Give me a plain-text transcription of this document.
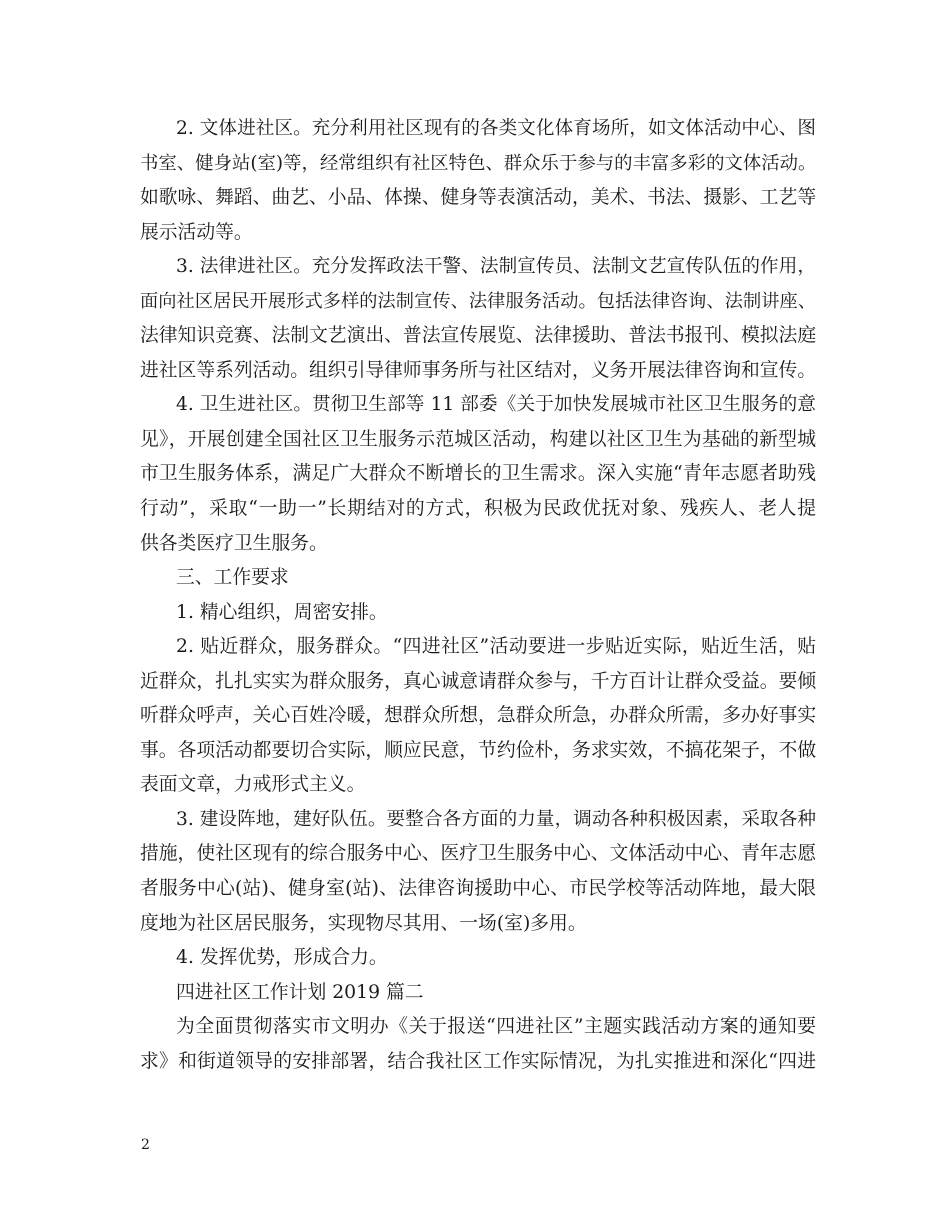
2. 文体进社区。充分利用社区现有的各类文化体育场所，如文体活动中心、图
书室、健身站(室)等，经常组织有社区特色、群众乐于参与的丰富多彩的文体活动。
如歌咏、舞蹈、曲艺、小品、体操、健身等表演活动，美术、书法、摄影、工艺等
展示活动等。
3. 法律进社区。充分发挥政法干警、法制宣传员、法制文艺宣传队伍的作用，
面向社区居民开展形式多样的法制宣传、法律服务活动。包括法律咨询、法制讲座、
法律知识竞赛、法制文艺演出、普法宣传展览、法律援助、普法书报刊、模拟法庭
进社区等系列活动。组织引导律师事务所与社区结对，义务开展法律咨询和宣传。
4. 卫生进社区。贯彻卫生部等 11 部委《关于加快发展城市社区卫生服务的意
见》，开展创建全国社区卫生服务示范城区活动，构建以社区卫生为基础的新型城
市卫生服务体系，满足广大群众不断增长的卫生需求。深入实施“青年志愿者助残
行动”，采取“一助一”长期结对的方式，积极为民政优抚对象、残疾人、老人提
供各类医疗卫生服务。
三、工作要求
1. 精心组织，周密安排。
2. 贴近群众，服务群众。“四进社区”活动要进一步贴近实际，贴近生活，贴
近群众，扎扎实实为群众服务，真心诚意请群众参与，千方百计让群众受益。要倾
听群众呼声，关心百姓冷暖，想群众所想，急群众所急，办群众所需，多办好事实
事。各项活动都要切合实际，顺应民意，节约俭朴，务求实效，不搞花架子，不做
表面文章，力戒形式主义。
3. 建设阵地，建好队伍。要整合各方面的力量，调动各种积极因素，采取各种
措施，使社区现有的综合服务中心、医疗卫生服务中心、文体活动中心、青年志愿
者服务中心(站)、健身室(站)、法律咨询援助中心、市民学校等活动阵地，最大限
度地为社区居民服务，实现物尽其用、一场(室)多用。
4. 发挥优势，形成合力。
四进社区工作计划 2019 篇二
为全面贯彻落实市文明办《关于报送“四进社区”主题实践活动方案的通知要
求》和街道领导的安排部署，结合我社区工作实际情况，为扎实推进和深化“四进
2
